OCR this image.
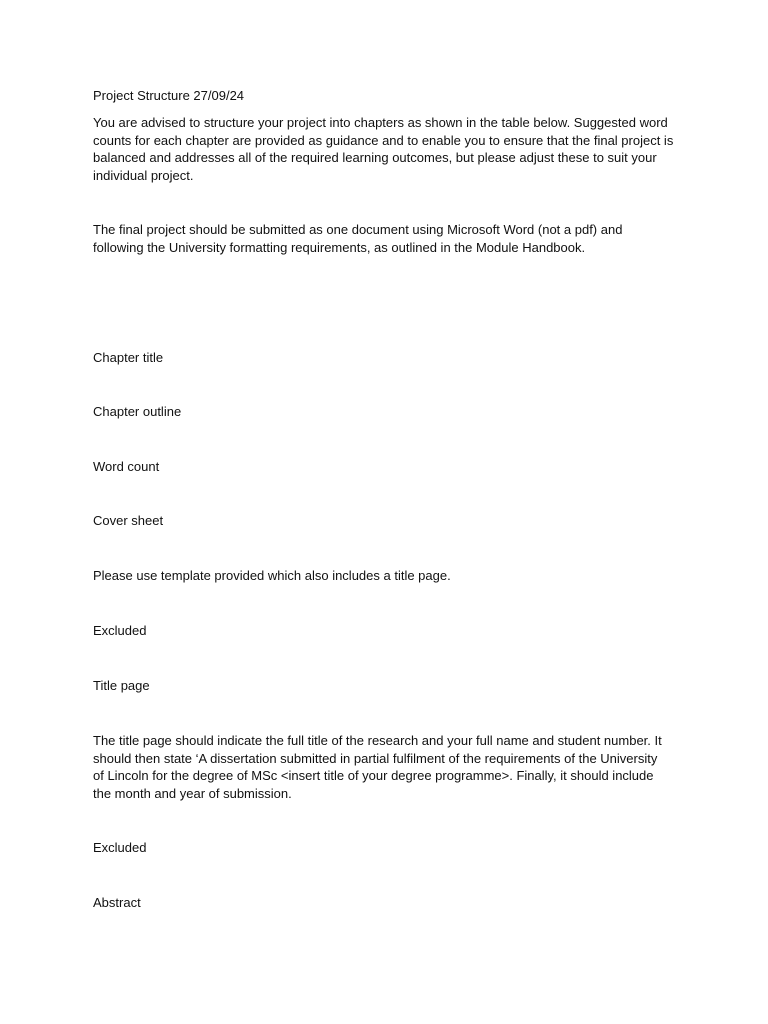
Project Structure 27/09/24

You are advised to structure your project into chapters as shown in the table below. Suggested word
counts for each chapter are provided as guidance and to enable you to ensure that the final project is
balanced and addresses all of the required learning outcomes, but please adjust these to suit your
individual project.

The final project should be submitted as one document using Microsoft Word (not a pdf) and
following the University formatting requirements, as outlined in the Module Handbook.

Chapter title

Chapter outline

Word count

Cover sheet

Please use template provided which also includes a title page.

Excluded

Title page

The title page should indicate the full title of the research and your full name and student number. It
should then state ‘A dissertation submitted in partial fulfilment of the requirements of the University
of Lincoln for the degree of MSc <insert title of your degree programme>. Finally, it should include
the month and year of submission.

Excluded

Abstract
